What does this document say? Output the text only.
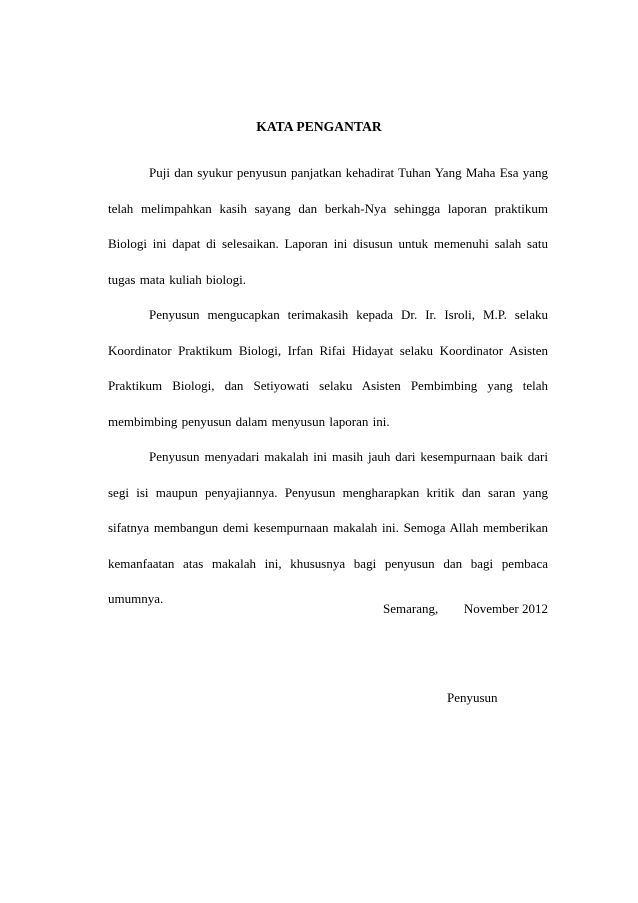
KATA PENGANTAR

Puji dan syukur penyusun panjatkan kehadirat Tuhan Yang Maha Esa yang telah melimpahkan kasih sayang dan berkah-Nya sehingga laporan praktikum Biologi ini dapat di selesaikan. Laporan ini disusun untuk memenuhi salah satu tugas mata kuliah biologi.

Penyusun mengucapkan terimakasih kepada Dr. Ir. Isroli, M.P. selaku Koordinator Praktikum Biologi, Irfan Rifai Hidayat selaku Koordinator Asisten Praktikum Biologi, dan Setiyowati selaku Asisten Pembimbing yang telah membimbing penyusun dalam menyusun laporan ini.

Penyusun menyadari makalah ini masih jauh dari kesempurnaan baik dari segi isi maupun penyajiannya. Penyusun mengharapkan kritik dan saran yang sifatnya membangun demi kesempurnaan makalah ini. Semoga Allah memberikan kemanfaatan atas makalah ini, khususnya bagi penyusun dan bagi pembaca umumnya.

Semarang, November 2012
Penyusun
